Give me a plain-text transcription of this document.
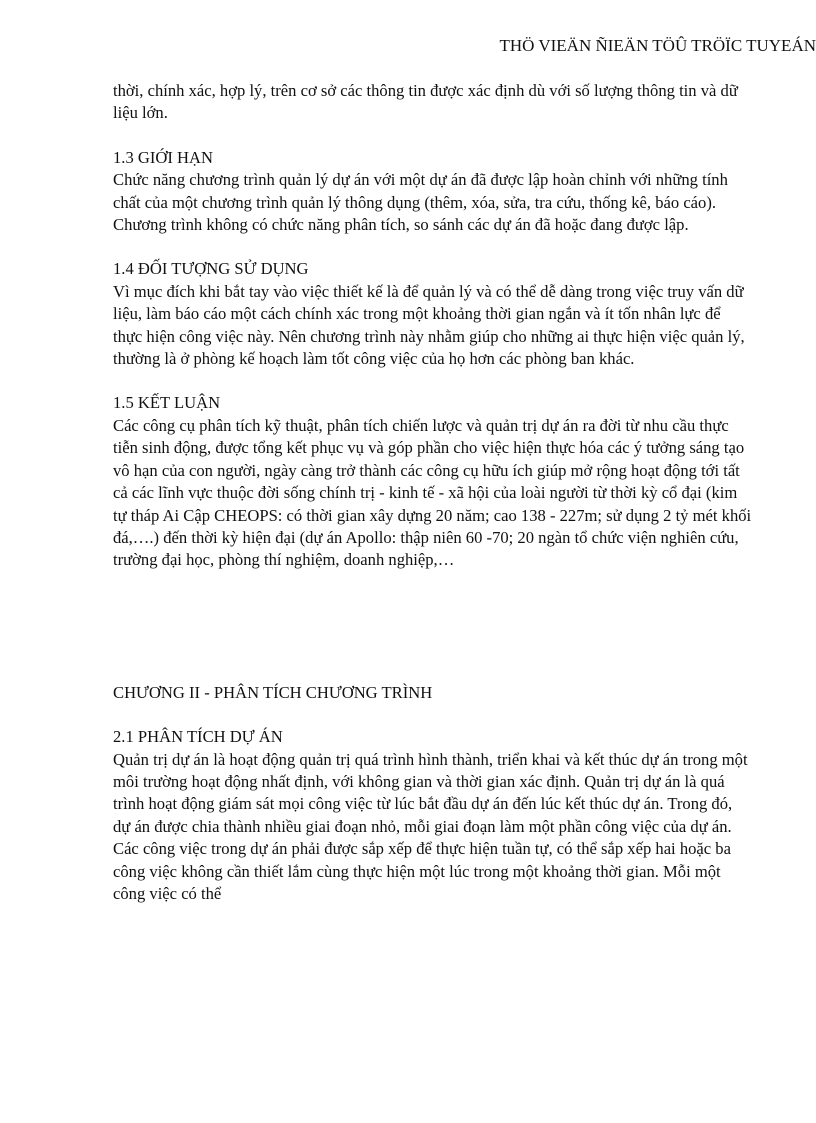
THÖ VIEÄN ÑIEÄN TÖÛ TRÖÏC TUYEÁN

thời, chính xác, hợp lý, trên cơ sở các thông tin được xác định dù với số lượng thông tin và dữ liệu lớn.

1.3 GIỚI HẠN

Chức năng chương trình quản lý dự án với một dự án đã được lập hoàn chỉnh với những tính chất của một chương trình quản lý thông dụng (thêm, xóa, sửa, tra cứu, thống kê, báo cáo).

Chương trình không có chức năng phân tích, so sánh các dự án đã hoặc đang được lập.

1.4 ĐỐI TƯỢNG SỬ DỤNG

Vì mục đích khi bắt tay vào việc thiết kế là để quản lý và có thể dễ dàng trong việc truy vấn dữ liệu, làm báo cáo một cách chính xác trong một khoảng thời gian ngắn và ít tốn nhân lực để thực hiện công việc này. Nên chương trình này nhằm giúp cho những ai thực hiện việc quản lý, thường là ở phòng kế hoạch làm tốt công việc của họ hơn các phòng ban khác.

1.5 KẾT LUẬN

Các công cụ phân tích kỹ thuật, phân tích chiến lược và quản trị dự án ra đời từ nhu cầu thực tiễn sinh động, được tổng kết phục vụ và góp phần cho việc hiện thực hóa các ý tưởng sáng tạo vô hạn của con người, ngày càng trở thành các công cụ hữu ích giúp mở rộng hoạt động tới tất cả các lĩnh vực thuộc đời sống chính trị - kinh tế - xã hội của loài người từ thời kỳ cổ đại (kim tự tháp Ai Cập CHEOPS: có thời gian xây dựng 20 năm; cao 138 - 227m; sử dụng 2 tỷ mét khối đá,….) đến thời kỳ hiện đại (dự án Apollo: thập niên 60 -70; 20 ngàn tổ chức viện nghiên cứu, trường đại học, phòng thí nghiệm, doanh nghiệp,…

CHƯƠNG II - PHÂN TÍCH CHƯƠNG TRÌNH

2.1 PHÂN TÍCH DỰ ÁN

Quản trị dự án là hoạt động quản trị quá trình hình thành, triển khai và kết thúc dự án trong một môi trường hoạt động nhất định, với không gian và thời gian xác định. Quản trị dự án là quá trình hoạt động giám sát mọi công việc từ lúc bắt đầu dự án đến lúc kết thúc dự án. Trong đó, dự án được chia thành nhiều giai đoạn nhỏ, mỗi giai đoạn làm một phần công việc của dự án. Các công việc trong dự án phải được sắp xếp để thực hiện tuần tự, có thể sắp xếp hai hoặc ba công việc không cần thiết lắm cùng thực hiện một lúc trong một khoảng thời gian. Mỗi một công việc có thể
